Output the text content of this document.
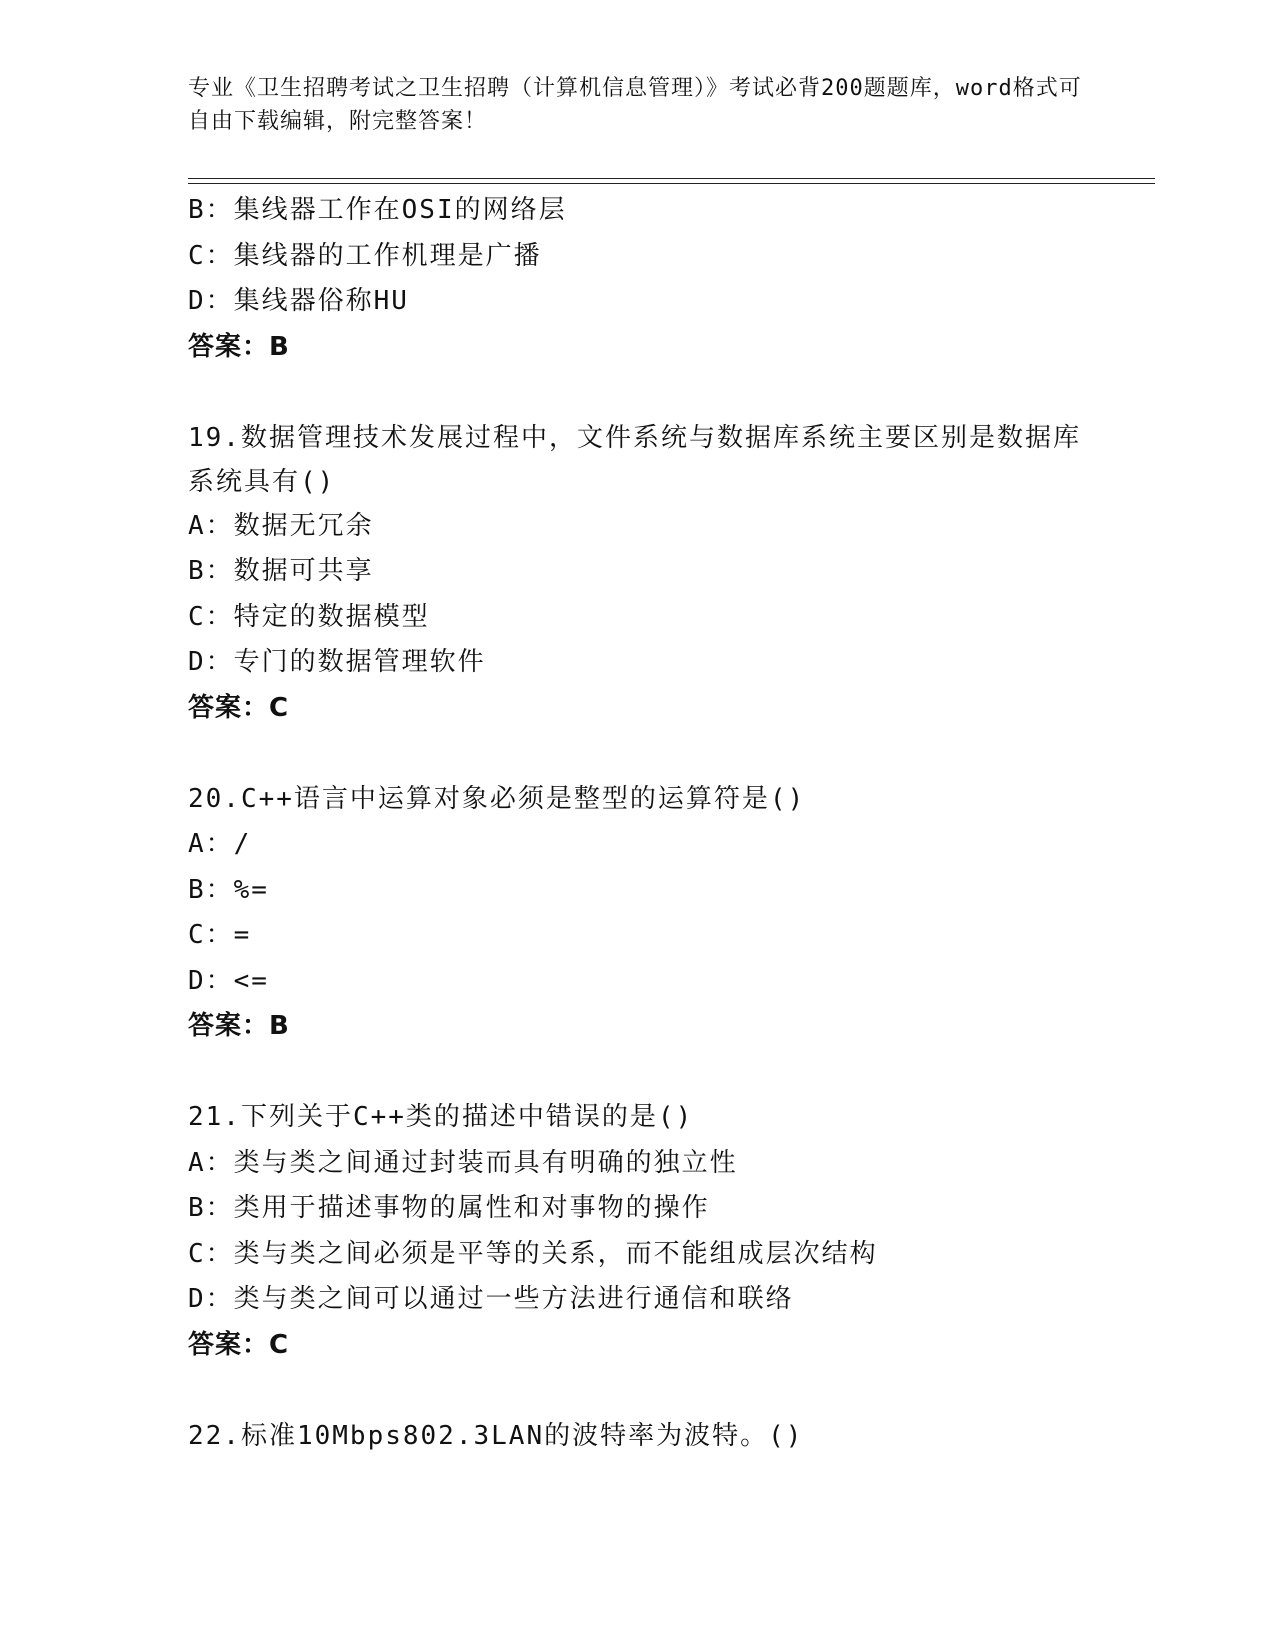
专业《卫生招聘考试之卫生招聘（计算机信息管理）》考试必背200题题库，word格式可自由下载编辑，附完整答案！
B：集线器工作在OSI的网络层
C：集线器的工作机理是广播
D：集线器俗称HU
答案：B
19.数据管理技术发展过程中，文件系统与数据库系统主要区别是数据库系统具有()
A：数据无冗余
B：数据可共享
C：特定的数据模型
D：专门的数据管理软件
答案：C
20.C++语言中运算对象必须是整型的运算符是()
A：/
B：%=
C：=
D：<=
答案：B
21.下列关于C++类的描述中错误的是()
A：类与类之间通过封装而具有明确的独立性
B：类用于描述事物的属性和对事物的操作
C：类与类之间必须是平等的关系，而不能组成层次结构
D：类与类之间可以通过一些方法进行通信和联络
答案：C
22.标准10Mbps802.3LAN的波特率为波特。()
